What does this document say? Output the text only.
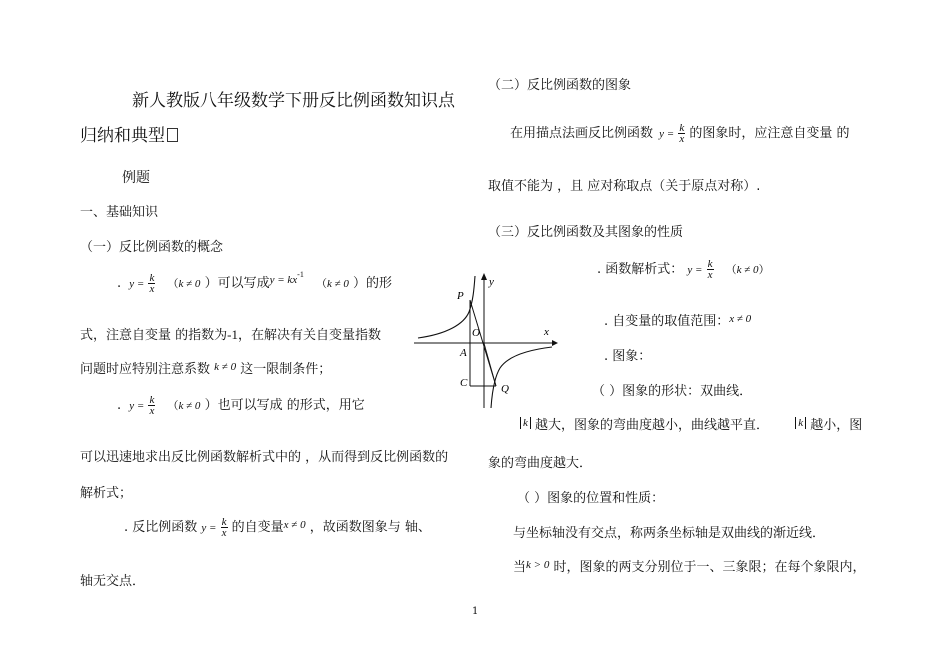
新人教版八年级数学下册反比例函数知识点
归纳和典型
例题
一、基础知识
（一）反比例函数的概念
. $y = \frac{k}{x} (k \ne 0$ ）可以写成$^{y = kx-1}$ （k ≠ 0 ）的形
式，注意自变量 的指数为-1，在解决有关自变量指数
问题时应特别注意系数 $^{k \ne 0}$ 这一限制条件；
. $y = \frac{k}{x} (k \ne 0$ ）也可以写成 的形式，用它
可以迅速地求出反比例函数解析式中的 ，从而得到反比例函数的
解析式；
. 反比例函数 $y = \frac{k}{x}$ 的自变量$^{x \ne 0}$ ，故函数图象与 轴、
轴无交点．
P
y
O	x
A
C	Q
（二）反比例函数的图象
在用描点法画反比例函数 $y = \frac{k}{x}$ 的图象时，应注意自变量 的
取值不能为 ，且 应对称取点（关于原点对称）.
（三）反比例函数及其图象的性质
. 函数解析式： $y = \frac{k}{x} (k \ne 0)$
. 自变量的取值范围：$^{x \ne 0}$
. 图象：
（ ）图象的形状：双曲线．
$^k$ 越大，图象的弯曲度越小，曲线越平直．	$^k$ 越小，图
象的弯曲度越大．
（ ）图象的位置和性质：
与坐标轴没有交点，称两条坐标轴是双曲线的渐近线．
当$^{k > 0}$ 时，图象的两支分别位于一、三象限；在每个象限内，
1
